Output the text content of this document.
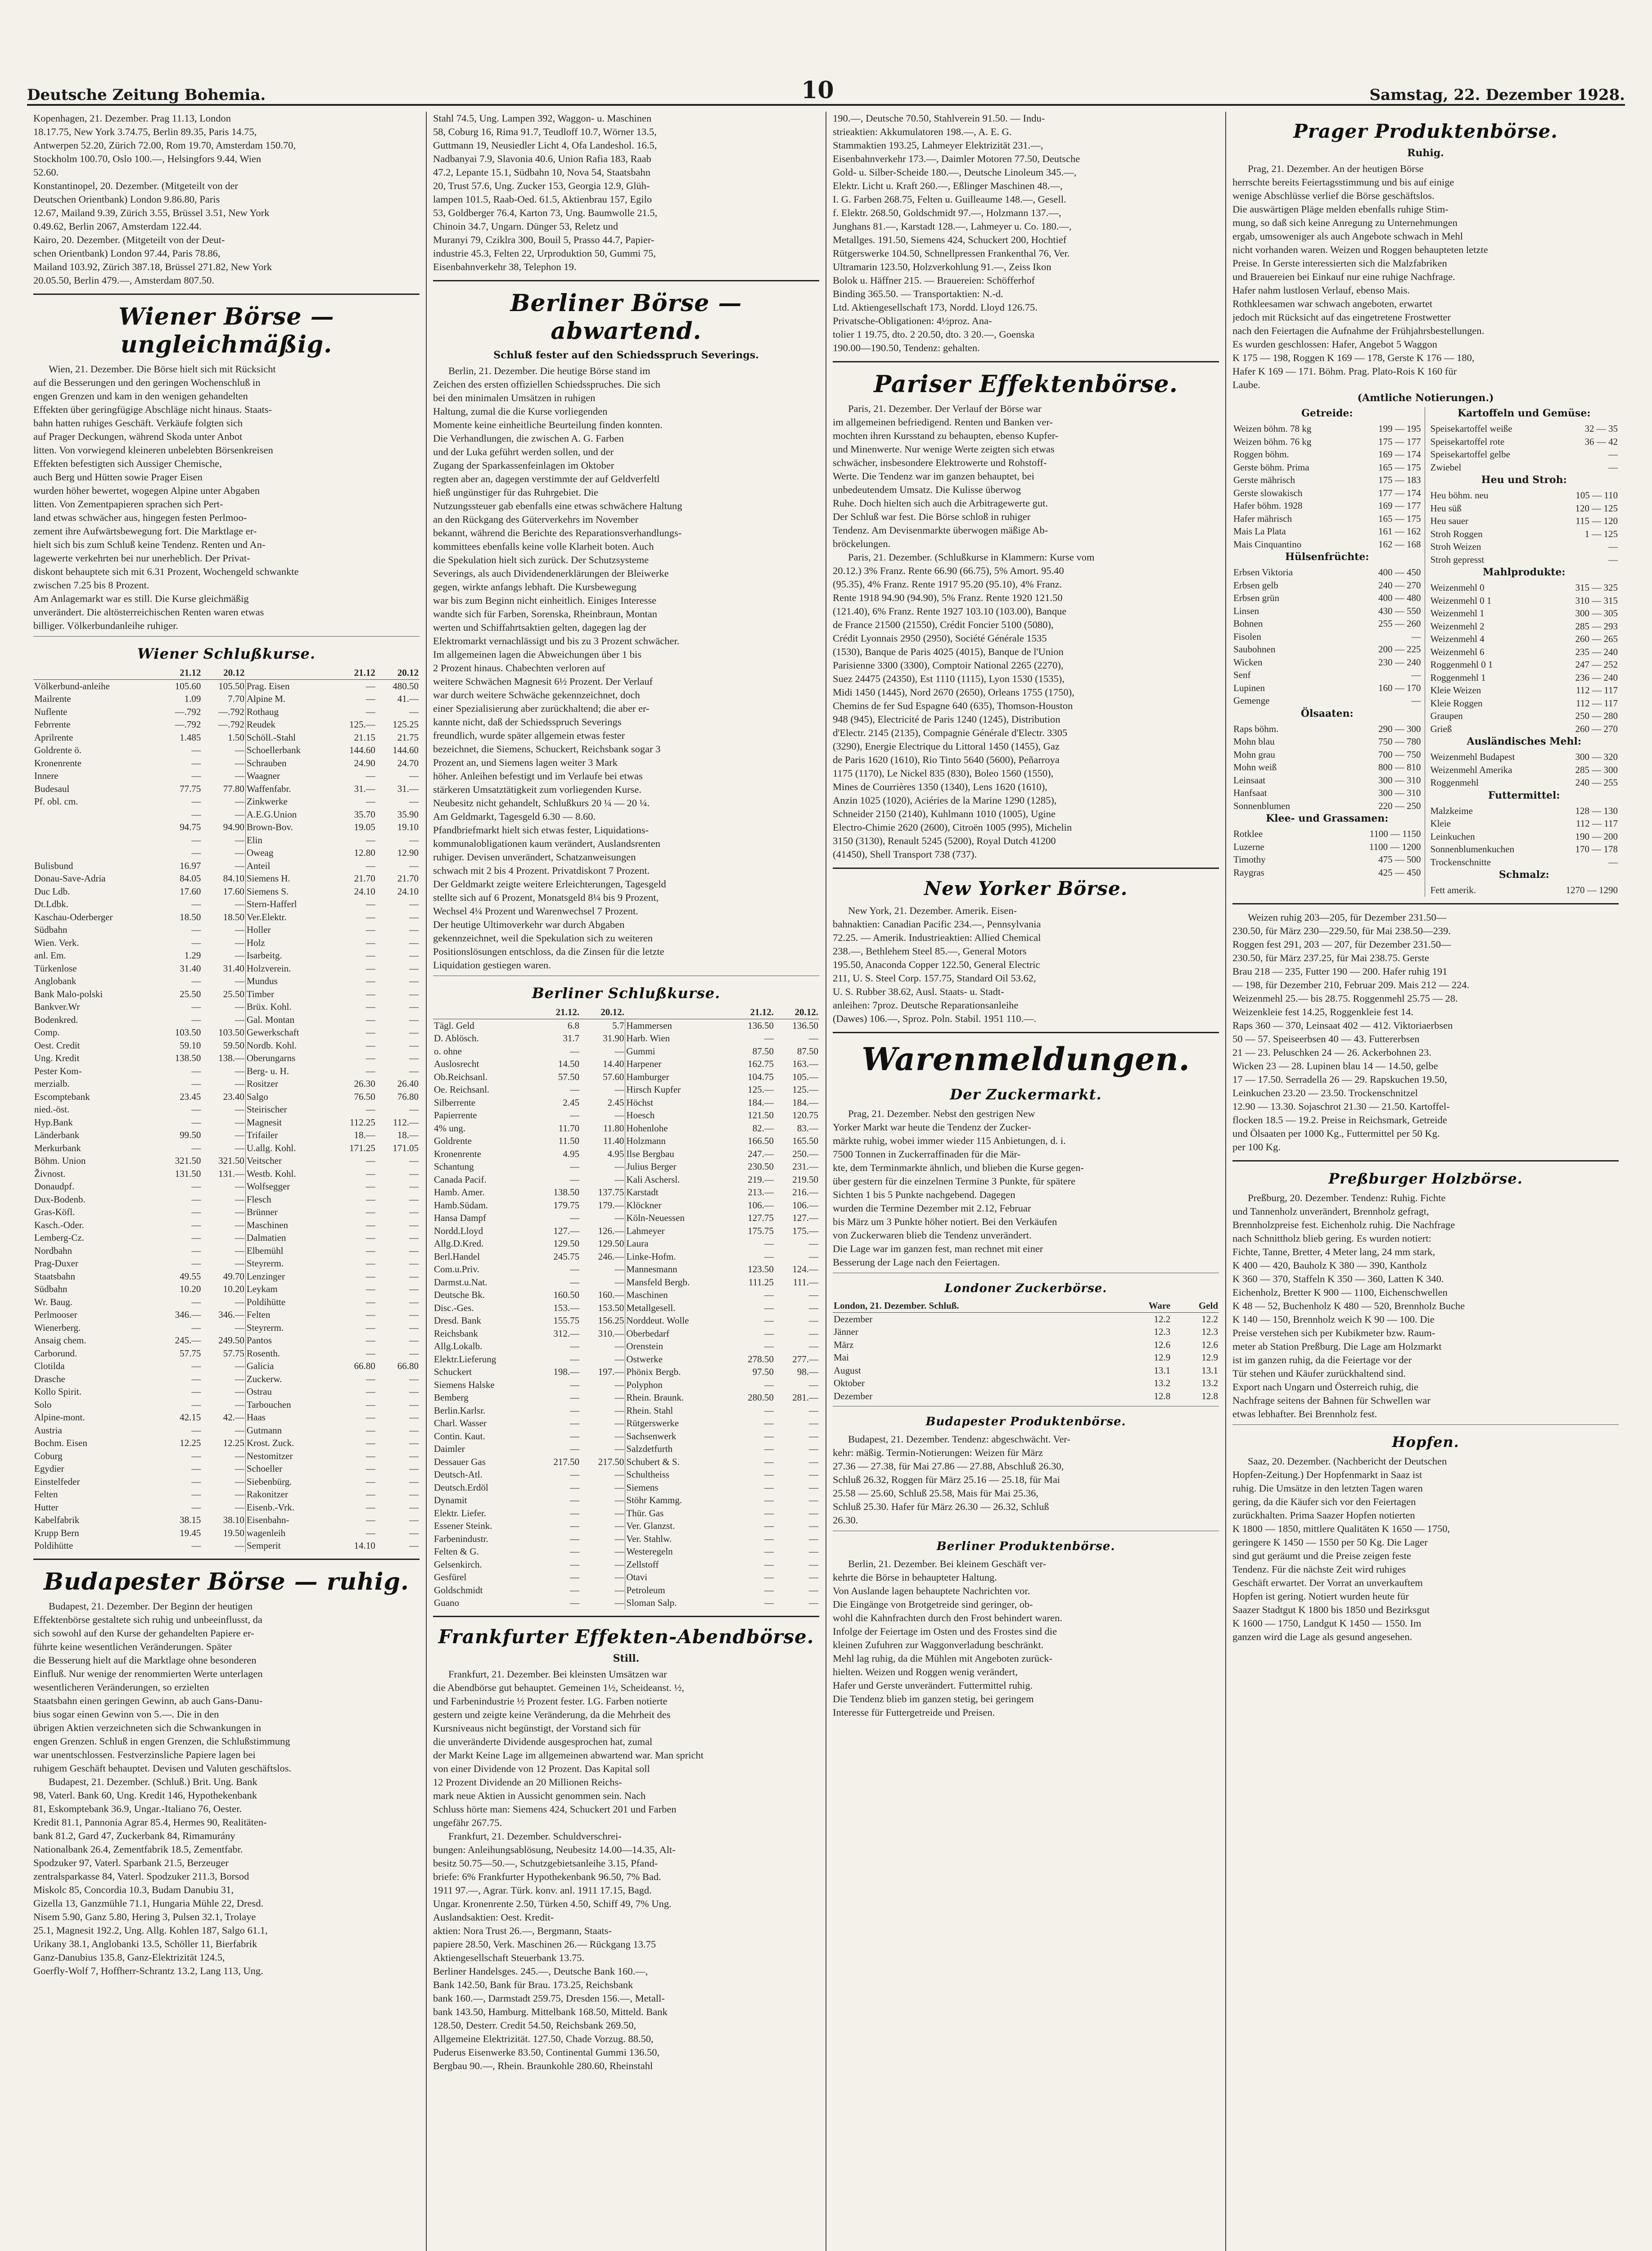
Deutsche Zeitung Bohemia.	10	Samstag, 22. Dezember 1928.
Kopenhagen, 21. Dezember. Prag 11.13, London
18.17.75, New York 3.74.75, Berlin 89.35, Paris 14.75,
Antwerpen 52.20, Zürich 72.00, Rom 19.70, Amsterdam 150.70,
Stockholm 100.70, Oslo 100.—, Helsingfors 9.44, Wien
52.60.
Konstantinopel, 20. Dezember. (Mitgeteilt von der
Deutschen Orientbank) London 9.86.80, Paris
12.67, Mailand 9.39, Zürich 3.55, Brüssel 3.51, New York
0.49.62, Berlin 2067, Amsterdam 122.44.
Kairo, 20. Dezember. (Mitgeteilt von der Deut-
schen Orientbank) London 97.44, Paris 78.86,
Mailand 103.92, Zürich 387.18, Brüssel 271.82, New York
20.05.50, Berlin 479.—, Amsterdam 807.50.
Wiener Börse — ungleichmäßig.
Wien, 21. Dezember. Die Börse hielt sich mit Rücksicht
auf die Besserungen und den geringen Wochenschluß in
engen Grenzen und kam in den wenigen gehandelten
Effekten über geringfügige Abschläge nicht hinaus. Staats-
bahn hatten ruhiges Geschäft. Verkäufe folgten sich
auf Prager Deckungen, während Skoda unter Anbot
litten. Von vorwiegend kleineren unbelebten Börsenkreisen
Effekten befestigten sich Aussiger Chemische,
auch Berg und Hütten sowie Prager Eisen
wurden höher bewertet, wogegen Alpine unter Abgaben
litten. Von Zementpapieren sprachen sich Pert-
land etwas schwächer aus, hingegen festen Perlmoo-
zement ihre Aufwärtsbewegung fort. Die Marktlage er-
hielt sich bis zum Schluß keine Tendenz. Renten und An-
lagewerte verkehrten bei nur unerheblich. Der Privat-
diskont behauptete sich mit 6.31 Prozent, Wochengeld schwankte
zwischen 7.25 bis 8 Prozent.
Am Anlagemarkt war es still. Die Kurse gleichmäßig
unverändert. Die altösterreichischen Renten waren etwas
billiger. Völkerbundanleihe ruhiger.
Wiener Schlußkurse.
	21.12	20.12		21.12	20.12
Völkerbund-anleihe	105.60	105.50	Prag. Eisen	—	480.50
Mailrente	1.09	7.70	Alpine M.	—	41.—
Nuflente	—.792	—.792	Rothaug	—	—
Febrrente	—.792	—.792	Reudek	125.—	125.25
Aprilrente	1.485	1.50	Schöll.-Stahl	21.15	21.75
Goldrente ö.	—	—	Schoellerbank	144.60	144.60
Kronenrente	—	—	Schrauben	24.90	24.70
Innere	—	—	Waagner	—	—
Budesaul	77.75	77.80	Waffenfabr.	31.—	31.—
Pf. obl. cm.	—	—	Zinkwerke	—	—
	—	—	A.E.G.Union	35.70	35.90
	94.75	94.90	Brown-Bov.	19.05	19.10
	—	—	Elin	—	—
	—	—	Oweag	12.80	12.90
Bulisbund	16.97	—	Anteil	—	—
Donau-Save-Adria	84.05	84.10	Siemens H.	21.70	21.70
Duc Ldb.	17.60	17.60	Siemens S.	24.10	24.10
Dt.Ldbk.	—	—	Stern-Hafferl	—	—
Kaschau-Oderberger	18.50	18.50	Ver.Elektr.	—	—
Südbahn	—	—	Holler	—	—
Wien. Verk.	—	—	Holz	—	—
anl. Em.	1.29	—	Isarbeitg.	—	—
Türkenlose	31.40	31.40	Holzverein.	—	—
Anglobank	—	—	Mundus	—	—
Bank Malo-polski	25.50	25.50	Timber	—	—
Bankver.Wr	—	—	Brüx. Kohl.	—	—
Bodenkred.	—	—	Gal. Montan	—	—
Comp.	103.50	103.50	Gewerkschaft	—	—
Oest. Credit	59.10	59.50	Nordb. Kohl.	—	—
Ung. Kredit	138.50	138.—	Oberungarns	—	—
Pester Kom-	—	—	Berg- u. H.	—	—
merzialb.	—	—	Rositzer	26.30	26.40
Escomptebank	23.45	23.40	Salgo	76.50	76.80
nied.-öst.	—	—	Steirischer	—	—
Hyp.Bank	—	—	Magnesit	112.25	112.—
Länderbank	99.50	—	Trifailer	18.—	18.—
Merkurbank	—	—	U.allg. Kohl.	171.25	171.05
Böhm. Union	321.50	321.50	Veitscher	—	—
Živnost.	131.50	131.—	Westb. Kohl.	—	—
Donaudpf.	—	—	Wolfsegger	—	—
Dux-Bodenb.	—	—	Flesch	—	—
Gras-Köfl.	—	—	Brünner	—	—
Kasch.-Oder.	—	—	Maschinen	—	—
Lemberg-Cz.	—	—	Dalmatien	—	—
Nordbahn	—	—	Elbemühl	—	—
Prag-Duxer	—	—	Steyrerm.	—	—
Staatsbahn	49.55	49.70	Lenzinger	—	—
Südbahn	10.20	10.20	Leykam	—	—
Wr. Baug.	—	—	Poldihütte	—	—
Perlmooser	346.—	346.—	Felten	—	—
Wienerberg.	—	—	Steyrerm.	—	—
Ansaig chem.	245.—	249.50	Pantos	—	—
Carborund.	57.75	57.75	Rosenth.	—	—
Clotilda	—	—	Galicia	66.80	66.80
Drasche	—	—	Zuckerw.	—	—
Kollo Spirit.	—	—	Ostrau	—	—
Solo	—	—	Tarbouchen	—	—
Alpine-mont.	42.15	42.—	Haas	—	—
Austria	—	—	Gutmann	—	—
Bochm. Eisen	12.25	12.25	Krost. Zuck.	—	—
Coburg	—	—	Nestomitzer	—	—
Egydier	—	—	Schoeller	—	—
Einstelfeder	—	—	Siebenbürg.	—	—
Felten	—	—	Rakonitzer	—	—
Hutter	—	—	Eisenb.-Vrk.	—	—
Kabelfabrik	38.15	38.10	Eisenbahn-	—	—
Krupp Bern	19.45	19.50	wagenleih	—	—
Poldihütte	—	—	Semperit	14.10	—
Budapester Börse — ruhig.
Budapest, 21. Dezember. Der Beginn der heutigen
Effektenbörse gestaltete sich ruhig und unbeeinflusst, da
sich sowohl auf den Kurse der gehandelten Papiere er-
führte keine wesentlichen Veränderungen. Später
die Besserung hielt auf die Marktlage ohne besonderen
Einfluß. Nur wenige der renommierten Werte unterlagen
wesentlicheren Veränderungen, so erzielten
Staatsbahn einen geringen Gewinn, ab auch Gans-Danu-
bius sogar einen Gewinn von 5.—. Die in den
übrigen Aktien verzeichneten sich die Schwankungen in
engen Grenzen. Schluß in engen Grenzen, die Schlußstimmung
war unentschlossen. Festverzinsliche Papiere lagen bei
ruhigem Geschäft behauptet. Devisen und Valuten geschäftslos.
Budapest, 21. Dezember. (Schluß.) Brit. Ung. Bank
98, Vaterl. Bank 60, Ung. Kredit 146, Hypothekenbank
81, Eskomptebank 36.9, Ungar.-Italiano 76, Oester.
Kredit 81.1, Pannonia Agrar 85.4, Hermes 90, Realitäten-
bank 81.2, Gard 47, Zuckerbank 84, Rimamurány
Nationalbank 26.4, Zementfabrik 18.5, Zementfabr.
Spodzuker 97, Vaterl. Sparbank 21.5, Berzeuger
zentralsparkasse 84, Vaterl. Spodzuker 211.3, Borsod
Miskolc 85, Concordia 10.3, Budam Danubiu 31,
Gizella 13, Ganzmühle 71.1, Hungaria Mühle 22, Dresd.
Nisem 5.90, Ganz 5.80, Hering 3, Pulsen 32.1, Trolaye
25.1, Magnesit 192.2, Ung. Allg. Kohlen 187, Salgo 61.1,
Urikany 38.1, Anglobanki 13.5, Schöller 11, Bierfabrik
Ganz-Danubius 135.8, Ganz-Elektrizität 124.5,
Goerfly-Wolf 7, Hoffherr-Schrantz 13.2, Lang 113, Ung.
Stahl 74.5, Ung. Lampen 392, Waggon- u. Maschinen
58, Coburg 16, Rima 91.7, Teudloff 10.7, Wörner 13.5,
Guttmann 19, Neusiedler Licht 4, Ofa Landeshol. 16.5,
Nadbanyai 7.9, Slavonia 40.6, Union Rafia 183, Raab
47.2, Lepante 15.1, Südbahn 10, Nova 54, Staatsbahn
20, Trust 57.6, Ung. Zucker 153, Georgia 12.9, Glüh-
lampen 101.5, Raab-Oed. 61.5, Aktienbrau 157, Egilo
53, Goldberger 76.4, Karton 73, Ung. Baumwolle 21.5,
Chinoin 34.7, Ungarn. Dünger 53, Reletz und
Muranyi 79, Cziklra 300, Bouil 5, Prasso 44.7, Papier-
industrie 45.3, Felten 22, Urproduktion 50, Gummi 75,
Eisenbahnverkehr 38, Telephon 19.
Berliner Börse — abwartend.
Schluß fester auf den Schiedsspruch Severings.
Berlin, 21. Dezember. Die heutige Börse stand im
Zeichen des ersten offiziellen Schiedsspruches. Die sich
bei den minimalen Umsätzen in ruhigen
Haltung, zumal die die Kurse vorliegenden
Momente keine einheitliche Beurteilung finden konnten.
Die Verhandlungen, die zwischen A. G. Farben
und der Luka geführt werden sollen, und der
Zugang der Sparkassenfeinlagen im Oktober
regten aber an, dagegen verstimmte der auf Geldverfeltl
hieß ungünstiger für das Ruhrgebiet. Die
Nutzungssteuer gab ebenfalls eine etwas schwächere Haltung
an den Rückgang des Güterverkehrs im November
bekannt, während die Berichte des Reparationsverhandlungs-
kommittees ebenfalls keine volle Klarheit boten. Auch
die Spekulation hielt sich zurück. Der Schutzsysteme
Severings, als auch Dividendenerklärungen der Bleiwerke
gegen, wirkte anfangs lebhaft. Die Kursbewegung
war bis zum Beginn nicht einheitlich. Einiges Interesse
wandte sich für Farben, Sorenska, Rheinbraun, Montan
werten und Schiffahrtsaktien gelten, dagegen lag der
Elektromarkt vernachlässigt und bis zu 3 Prozent schwächer.
Im allgemeinen lagen die Abweichungen über 1 bis
2 Prozent hinaus. Chabechten verloren auf
weitere Schwächen Magnesit 6½ Prozent. Der Verlauf
war durch weitere Schwäche gekennzeichnet, doch
einer Spezialisierung aber zurückhaltend; die aber er-
kannte nicht, daß der Schiedsspruch Severings
freundlich, wurde später allgemein etwas fester
bezeichnet, die Siemens, Schuckert, Reichsbank sogar 3
Prozent an, und Siemens lagen weiter 3 Mark
höher. Anleihen befestigt und im Verlaufe bei etwas
stärkeren Umsatztätigkeit zum vorliegenden Kurse.
Neubesitz nicht gehandelt, Schlußkurs 20 ¼ — 20 ¼.
Am Geldmarkt, Tagesgeld 6.30 — 8.60.
Pfandbriefmarkt hielt sich etwas fester, Liquidations-
kommunalobligationen kaum verändert, Auslandsrenten
ruhiger. Devisen unverändert, Schatzanweisungen
schwach mit 2 bis 4 Prozent. Privatdiskont 7 Prozent.
Der Geldmarkt zeigte weitere Erleichterungen, Tagesgeld
stellte sich auf 6 Prozent, Monatsgeld 8¼ bis 9 Prozent,
Wechsel 4¼ Prozent und Warenwechsel 7 Prozent.
Der heutige Ultimoverkehr war durch Abgaben
gekennzeichnet, weil die Spekulation sich zu weiteren
Positionslösungen entschloss, da die Zinsen für die letzte
Liquidation gestiegen waren.
Berliner Schlußkurse.
	21.12.	20.12.		21.12.	20.12.
Tägl. Geld	6.8	5.7	Hammersen	136.50	136.50
D. Ablösch.	31.7	31.90	Harb. Wien	—	—
o. ohne	—	—	Gummi	87.50	87.50
Auslosrecht	14.50	14.40	Harpener	162.75	163.—
Ob.Reichsanl.	57.50	57.60	Hamburger	104.75	105.—
Oe. Reichsanl.	—	—	Hirsch Kupfer	125.—	125.—
Silberrente	2.45	2.45	Höchst	184.—	184.—
Papierrente	—	—	Hoesch	121.50	120.75
4% ung.	11.70	11.80	Hohenlohe	82.—	83.—
Goldrente	11.50	11.40	Holzmann	166.50	165.50
Kronenrente	4.95	4.95	Ilse Bergbau	247.—	250.—
Schantung	—	—	Julius Berger	230.50	231.—
Canada Pacif.	—	—	Kali Aschersl.	219.—	219.50
Hamb. Amer.	138.50	137.75	Karstadt	213.—	216.—
Hamb.Südam.	179.75	179.—	Klöckner	106.—	106.—
Hansa Dampf	—	—	Köln-Neuessen	127.75	127.—
Nordd.Lloyd	127.—	126.—	Lahmeyer	175.75	175.—
Allg.D.Kred.	129.50	129.50	Laura	—	—
Berl.Handel	245.75	246.—	Linke-Hofm.	—	—
Com.u.Priv.	—	—	Mannesmann	123.50	124.—
Darmst.u.Nat.	—	—	Mansfeld Bergb.	111.25	111.—
Deutsche Bk.	160.50	160.—	Maschinen	—	—
Disc.-Ges.	153.—	153.50	Metallgesell.	—	—
Dresd. Bank	155.75	156.25	Norddeut. Wolle	—	—
Reichsbank	312.—	310.—	Oberbedarf	—	—
Allg.Lokalb.	—	—	Orenstein	—	—
Elektr.Lieferung	—	—	Ostwerke	278.50	277.—
Schuckert	198.—	197.—	Phönix Bergb.	97.50	98.—
Siemens Halske	—	—	Polyphon	—	—
Bemberg	—	—	Rhein. Braunk.	280.50	281.—
Berlin.Karlsr.	—	—	Rhein. Stahl	—	—
Charl. Wasser	—	—	Rütgerswerke	—	—
Contin. Kaut.	—	—	Sachsenwerk	—	—
Daimler	—	—	Salzdetfurth	—	—
Dessauer Gas	217.50	217.50	Schubert & S.	—	—
Deutsch-Atl.	—	—	Schultheiss	—	—
Deutsch.Erdöl	—	—	Siemens	—	—
Dynamit	—	—	Stöhr Kammg.	—	—
Elektr. Liefer.	—	—	Thür. Gas	—	—
Essener Steink.	—	—	Ver. Glanzst.	—	—
Farbenindustr.	—	—	Ver. Stahlw.	—	—
Felten & G.	—	—	Westeregeln	—	—
Gelsenkirch.	—	—	Zellstoff	—	—
Gesfürel	—	—	Otavi	—	—
Goldschmidt	—	—	Petroleum	—	—
Guano	—	—	Sloman Salp.	—	—
Frankfurter Effekten-Abendbörse.
Still.
Frankfurt, 21. Dezember. Bei kleinsten Umsätzen war
die Abendbörse gut behauptet. Gemeinen 1½, Scheideanst. ½,
und Farbenindustrie ½ Prozent fester. I.G. Farben notierte
gestern und zeigte keine Veränderung, da die Mehrheit des
Kursniveaus nicht begünstigt, der Vorstand sich für
die unveränderte Dividende ausgesprochen hat, zumal
der Markt Keine Lage im allgemeinen abwartend war. Man spricht
von einer Dividende von 12 Prozent. Das Kapital soll
12 Prozent Dividende an 20 Millionen Reichs-
mark neue Aktien in Aussicht genommen sein. Nach
Schluss hörte man: Siemens 424, Schuckert 201 und Farben
ungefähr 267.75.
Frankfurt, 21. Dezember. Schuldverschrei-
bungen: Anleihungsablösung, Neubesitz 14.00—14.35, Alt-
besitz 50.75—50.—, Schutzgebietsanleihe 3.15, Pfand-
briefe: 6% Frankfurter Hypothekenbank 96.50, 7% Bad.
1911 97.—, Agrar. Türk. konv. anl. 1911 17.15, Bagd.
Ungar. Kronenrente 2.50, Türken 4.50, Schiff 49, 7% Ung.
Auslandsaktien: Oest. Kredit-
aktien: Nora Trust 26.—, Bergmann, Staats-
papiere 28.50, Verk. Maschinen 26.— Rückgang 13.75
Aktiengesellschaft Steuerbank 13.75.
Berliner Handelsges. 245.—, Deutsche Bank 160.—,
Bank 142.50, Bank für Brau. 173.25, Reichsbank
bank 160.—, Darmstadt 259.75, Dresden 156.—, Metall-
bank 143.50, Hamburg. Mittelbank 168.50, Mitteld. Bank
128.50, Desterr. Credit 54.50, Reichsbank 269.50,
Allgemeine Elektrizität. 127.50, Chade Vorzug. 88.50,
Puderus Eisenwerke 83.50, Continental Gummi 136.50,
Bergbau 90.—, Rhein. Braunkohle 280.60, Rheinstahl
190.—, Deutsche 70.50, Stahlverein 91.50. — Indu-
strieaktien: Akkumulatoren 198.—, A. E. G.
Stammaktien 193.25, Lahmeyer Elektrizität 231.—,
Eisenbahnverkehr 173.—, Daimler Motoren 77.50, Deutsche
Gold- u. Silber-Scheide 180.—, Deutsche Linoleum 345.—,
Elektr. Licht u. Kraft 260.—, Eßlinger Maschinen 48.—,
I. G. Farben 268.75, Felten u. Guilleaume 148.—, Gesell.
f. Elektr. 268.50, Goldschmidt 97.—, Holzmann 137.—,
Junghans 81.—, Karstadt 128.—, Lahmeyer u. Co. 180.—,
Metallges. 191.50, Siemens 424, Schuckert 200, Hochtief
Rütgerswerke 104.50, Schnellpressen Frankenthal 76, Ver.
Ultramarin 123.50, Holzverkohlung 91.—, Zeiss Ikon
Bolok u. Häffner 215. — Brauereien: Schöfferhof
Binding 365.50. — Transportaktien: N.-d.
Ltd. Aktiengesellschaft 173, Nordd. Lloyd 126.75.
Privatsche-Obligationen: 4½proz. Ana-
tolier 1 19.75, dto. 2 20.50, dto. 3 20.—, Goenska
190.00—190.50, Tendenz: gehalten.
Pariser Effektenbörse.
Paris, 21. Dezember. Der Verlauf der Börse war
im allgemeinen befriedigend. Renten und Banken ver-
mochten ihren Kursstand zu behaupten, ebenso Kupfer-
und Minenwerte. Nur wenige Werte zeigten sich etwas
schwächer, insbesondere Elektrowerte und Rohstoff-
Werte. Die Tendenz war im ganzen behauptet, bei
unbedeutendem Umsatz. Die Kulisse überwog
Ruhe. Doch hielten sich auch die Arbitragewerte gut.
Der Schluß war fest. Die Börse schloß in ruhiger
Tendenz. Am Devisenmarkte überwogen mäßige Ab-
bröckelungen.
Paris, 21. Dezember. (Schlußkurse in Klammern: Kurse vom
20.12.) 3% Franz. Rente 66.90 (66.75), 5% Amort. 95.40
(95.35), 4% Franz. Rente 1917 95.20 (95.10), 4% Franz.
Rente 1918 94.90 (94.90), 5% Franz. Rente 1920 121.50
(121.40), 6% Franz. Rente 1927 103.10 (103.00), Banque
de France 21500 (21550), Crédit Foncier 5100 (5080),
Crédit Lyonnais 2950 (2950), Société Générale 1535
(1530), Banque de Paris 4025 (4015), Banque de l'Union
Parisienne 3300 (3300), Comptoir National 2265 (2270),
Suez 24475 (24350), Est 1110 (1115), Lyon 1530 (1535),
Midi 1450 (1445), Nord 2670 (2650), Orleans 1755 (1750),
Chemins de fer Sud Espagne 640 (635), Thomson-Houston
948 (945), Electricité de Paris 1240 (1245), Distribution
d'Electr. 2145 (2135), Compagnie Générale d'Electr. 3305
(3290), Energie Electrique du Littoral 1450 (1455), Gaz
de Paris 1620 (1610), Rio Tinto 5640 (5600), Peñarroya
1175 (1170), Le Nickel 835 (830), Boleo 1560 (1550),
Mines de Courrières 1350 (1340), Lens 1620 (1610),
Anzin 1025 (1020), Aciéries de la Marine 1290 (1285),
Schneider 2150 (2140), Kuhlmann 1010 (1005), Ugine
Electro-Chimie 2620 (2600), Citroën 1005 (995), Michelin
3150 (3130), Renault 5245 (5200), Royal Dutch 41200
(41450), Shell Transport 738 (737).
New Yorker Börse.
New York, 21. Dezember. Amerik. Eisen-
bahnaktien: Canadian Pacific 234.—, Pennsylvania
72.25. — Amerik. Industrieaktien: Allied Chemical
238.—, Bethlehem Steel 85.—, General Motors
195.50, Anaconda Copper 122.50, General Electric
211, U. S. Steel Corp. 157.75, Standard Oil 53.62,
U. S. Rubber 38.62, Ausl. Staats- u. Stadt-
anleihen: 7proz. Deutsche Reparationsanleihe
(Dawes) 106.—, Sproz. Poln. Stabil. 1951 110.—.
Warenmeldungen.
Der Zuckermarkt.
Prag, 21. Dezember. Nebst den gestrigen New
Yorker Markt war heute die Tendenz der Zucker-
märkte ruhig, wobei immer wieder 115 Anbietungen, d. i.
7500 Tonnen in Zuckerraffinaden für die Mär-
kte, dem Terminmarkte ähnlich, und blieben die Kurse gegen-
über gestern für die einzelnen Termine 3 Punkte, für spätere
Sichten 1 bis 5 Punkte nachgebend. Dagegen
wurden die Termine Dezember mit 2.12, Februar
bis März um 3 Punkte höher notiert. Bei den Verkäufen
von Zuckerwaren blieb die Tendenz unverändert.
Die Lage war im ganzen fest, man rechnet mit einer
Besserung der Lage nach den Feiertagen.
Londoner Zuckerbörse.
London, 21. Dezember. Schluß.	Ware	Geld
Dezember	12.2	12.2
Jänner	12.3	12.3
März	12.6	12.6
Mai	12.9	12.9
August	13.1	13.1
Oktober	13.2	13.2
Dezember	12.8	12.8
Budapester Produktenbörse.
Budapest, 21. Dezember. Tendenz: abgeschwächt. Ver-
kehr: mäßig. Termin-Notierungen: Weizen für März
27.36 — 27.38, für Mai 27.86 — 27.88, Abschluß 26.30,
Schluß 26.32, Roggen für März 25.16 — 25.18, für Mai
25.58 — 25.60, Schluß 25.58, Mais für Mai 25.36,
Schluß 25.30. Hafer für März 26.30 — 26.32, Schluß
26.30.
Berliner Produktenbörse.
Berlin, 21. Dezember. Bei kleinem Geschäft ver-
kehrte die Börse in behaupteter Haltung.
Von Auslande lagen behauptete Nachrichten vor.
Die Eingänge von Brotgetreide sind geringer, ob-
wohl die Kahnfrachten durch den Frost behindert waren.
Infolge der Feiertage im Osten und des Frostes sind die
kleinen Zufuhren zur Waggonverladung beschränkt.
Mehl lag ruhig, da die Mühlen mit Angeboten zurück-
hielten. Weizen und Roggen wenig verändert,
Hafer und Gerste unverändert. Futtermittel ruhig.
Die Tendenz blieb im ganzen stetig, bei geringem
Interesse für Futtergetreide und Preisen.
Prager Produktenbörse.
Ruhig.
Prag, 21. Dezember. An der heutigen Börse
herrschte bereits Feiertagsstimmung und bis auf einige
wenige Abschlüsse verlief die Börse geschäftslos.
Die auswärtigen Pläge melden ebenfalls ruhige Stim-
mung, so daß sich keine Anregung zu Unternehmungen
ergab, umsoweniger als auch Angebote schwach in Mehl
nicht vorhanden waren. Weizen und Roggen behaupteten letzte
Preise. In Gerste interessierten sich die Malzfabriken
und Brauereien bei Einkauf nur eine ruhige Nachfrage.
Hafer nahm lustlosen Verlauf, ebenso Mais.
Rothkleesamen war schwach angeboten, erwartet
jedoch mit Rücksicht auf das eingetretene Frostwetter
nach den Feiertagen die Aufnahme der Frühjahrsbestellungen.
Es wurden geschlossen: Hafer, Angebot 5 Waggon
K 175 — 198, Roggen K 169 — 178, Gerste K 176 — 180,
Hafer K 169 — 171. Böhm. Prag. Plato-Rois K 160 für
Laube.
(Amtliche Notierungen.)
Getreide:
Weizen böhm. 78 kg	199 — 195
Weizen böhm. 76 kg	175 — 177
Roggen böhm.	169 — 174
Gerste böhm. Prima	165 — 175
Gerste mährisch	175 — 183
Gerste slowakisch	177 — 174
Hafer böhm. 1928	169 — 177
Hafer mährisch	165 — 175
Mais La Plata	161 — 162
Mais Cinquantino	162 — 168
Hülsenfrüchte:
Erbsen Viktoria	400 — 450
Erbsen gelb	240 — 270
Erbsen grün	400 — 480
Linsen	430 — 550
Bohnen	255 — 260
Fisolen	—
Saubohnen	200 — 225
Wicken	230 — 240
Senf	—
Lupinen	160 — 170
Gemenge	—
Ölsaaten:
Raps böhm.	290 — 300
Mohn blau	750 — 780
Mohn grau	700 — 750
Mohn weiß	800 — 810
Leinsaat	300 — 310
Hanfsaat	300 — 310
Sonnenblumen	220 — 250
Klee- und Grassamen:
Rotklee	1100 — 1150
Luzerne	1100 — 1200
Timothy	475 — 500
Raygras	425 — 450
Kartoffeln und Gemüse:
Speisekartoffel weiße	32 — 35
Speisekartoffel rote	36 — 42
Speisekartoffel gelbe	—
Zwiebel	—
Heu und Stroh:
Heu böhm. neu	105 — 110
Heu süß	120 — 125
Heu sauer	115 — 120
Stroh Roggen	1 — 125
Stroh Weizen	—
Stroh gepresst	—
Mahlprodukte:
Weizenmehl 0	315 — 325
Weizenmehl 0 1	310 — 315
Weizenmehl 1	300 — 305
Weizenmehl 2	285 — 293
Weizenmehl 4	260 — 265
Weizenmehl 6	235 — 240
Roggenmehl 0 1	247 — 252
Roggenmehl 1	236 — 240
Kleie Weizen	112 — 117
Kleie Roggen	112 — 117
Graupen	250 — 280
Grieß	260 — 270
Ausländisches Mehl:
Weizenmehl Budapest	300 — 320
Weizenmehl Amerika	285 — 300
Roggenmehl	240 — 255
Futtermittel:
Malzkeime	128 — 130
Kleie	112 — 117
Leinkuchen	190 — 200
Sonnenblumenkuchen	170 — 178
Trockenschnitte	—
Schmalz:
Fett amerik.	1270 — 1290
Weizen ruhig 203—205, für Dezember 231.50—
230.50, für März 230—229.50, für Mai 238.50—239.
Roggen fest 291, 203 — 207, für Dezember 231.50—
230.50, für März 237.25, für Mai 238.75. Gerste
Brau 218 — 235, Futter 190 — 200. Hafer ruhig 191
— 198, für Dezember 210, Februar 209. Mais 212 — 224.
Weizenmehl 25.— bis 28.75. Roggenmehl 25.75 — 28.
Weizenkleie fest 14.25, Roggenkleie fest 14.
Raps 360 — 370, Leinsaat 402 — 412. Viktoriaerbsen
50 — 57. Speiseerbsen 40 — 43. Futtererbsen
21 — 23. Peluschken 24 — 26. Ackerbohnen 23.
Wicken 23 — 28. Lupinen blau 14 — 14.50, gelbe
17 — 17.50. Serradella 26 — 29. Rapskuchen 19.50,
Leinkuchen 23.20 — 23.50. Trockenschnitzel
12.90 — 13.30. Sojaschrot 21.30 — 21.50. Kartoffel-
flocken 18.5 — 19.2. Preise in Reichsmark, Getreide
und Ölsaaten per 1000 Kg., Futtermittel per 50 Kg.
per 100 Kg.
Preßburger Holzbörse.
Preßburg, 20. Dezember. Tendenz: Ruhig. Fichte
und Tannenholz unverändert, Brennholz gefragt,
Brennholzpreise fest. Eichenholz ruhig. Die Nachfrage
nach Schnittholz blieb gering. Es wurden notiert:
Fichte, Tanne, Bretter, 4 Meter lang, 24 mm stark,
K 400 — 420, Bauholz K 380 — 390, Kantholz
K 360 — 370, Staffeln K 350 — 360, Latten K 340.
Eichenholz, Bretter K 900 — 1100, Eichenschwellen
K 48 — 52, Buchenholz K 480 — 520, Brennholz Buche
K 140 — 150, Brennholz weich K 90 — 100. Die
Preise verstehen sich per Kubikmeter bzw. Raum-
meter ab Station Preßburg. Die Lage am Holzmarkt
ist im ganzen ruhig, da die Feiertage vor der
Tür stehen und Käufer zurückhaltend sind.
Export nach Ungarn und Österreich ruhig, die
Nachfrage seitens der Bahnen für Schwellen war
etwas lebhafter. Bei Brennholz fest.
Hopfen.
Saaz, 20. Dezember. (Nachbericht der Deutschen
Hopfen-Zeitung.) Der Hopfenmarkt in Saaz ist
ruhig. Die Umsätze in den letzten Tagen waren
gering, da die Käufer sich vor den Feiertagen
zurückhalten. Prima Saazer Hopfen notierten
K 1800 — 1850, mittlere Qualitäten K 1650 — 1750,
geringere K 1450 — 1550 per 50 Kg. Die Lager
sind gut geräumt und die Preise zeigen feste
Tendenz. Für die nächste Zeit wird ruhiges
Geschäft erwartet. Der Vorrat an unverkauftem
Hopfen ist gering. Notiert wurden heute für
Saazer Stadtgut K 1800 bis 1850 und Bezirksgut
K 1600 — 1750, Landgut K 1450 — 1550. Im
ganzen wird die Lage als gesund angesehen.
